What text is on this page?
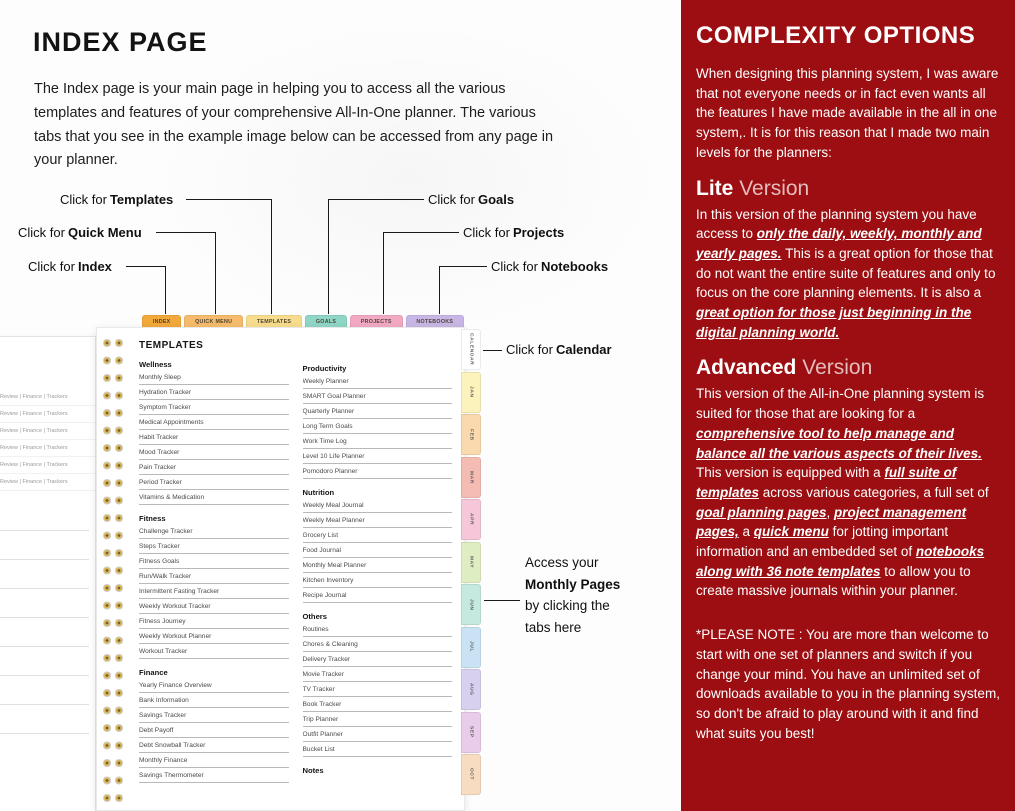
INDEX PAGE

The Index page is your main page in helping you to access all the various templates and features of your comprehensive All-In-One planner. The various tabs that you see in the example image below can be accessed from any page in your planner.

Click for Templates
Click for Quick Menu
Click for Index
Click for Goals
Click for Projects
Click for Notebooks
Click for Calendar
Access your
Monthly Pages
by clicking the
tabs here
Review | Finance | Trackers
Review | Finance | Trackers
Review | Finance | Trackers
Review | Finance | Trackers
Review | Finance | Trackers
Review | Finance | Trackers
INDEX	QUICK MENU	TEMPLATES	GOALS	PROJECTS	NOTEBOOKS
TEMPLATES
Wellness
Monthly Sleep
Hydration Tracker
Symptom Tracker
Medical Appointments
Habit Tracker
Mood Tracker
Pain Tracker
Period Tracker
Vitamins & Medication
Fitness
Challenge Tracker
Steps Tracker
Fitness Goals
Run/Walk Tracker
Intermittent Fasting Tracker
Weekly Workout Tracker
Fitness Journey
Weekly Workout Planner
Workout Tracker
Finance
Yearly Finance Overview
Bank Information
Savings Tracker
Debt Payoff
Debt Snowball Tracker
Monthly Finance
Savings Thermometer
Productivity
Weekly Planner
SMART Goal Planner
Quarterly Planner
Long Term Goals
Work Time Log
Level 10 Life Planner
Pomodoro Planner
Nutrition
Weekly Meal Journal
Weekly Meal Planner
Grocery List
Food Journal
Monthly Meal Planner
Kitchen Inventory
Recipe Journal
Others
Routines
Chores & Cleaning
Delivery Tracker
Movie Tracker
TV Tracker
Book Tracker
Trip Planner
Outfit Planner
Bucket List
Notes
CALENDAR
JAN
FEB
MAR
APR
MAY
JUN
JUL
AUG
SEP
OCT
COMPLEXITY OPTIONS

When designing this planning system, I was aware that not everyone needs or in fact even wants all the features I have made available in the all in one system,. It is for this reason that I made two main levels for the planners:

Lite Version

In this version of the planning system you have access to only the daily, weekly, monthly and yearly pages. This is a great option for those that do not want the entire suite of features and only to focus on the core planning elements. It is also a great option for those just beginning in the digital planning world.

Advanced Version

This version of the All-in-One planning system is suited for those that are looking for a comprehensive tool to help manage and balance all the various aspects of their lives. This version is equipped with a full suite of templates across various categories, a full set of goal planning pages, project management pages, a quick menu for jotting important information and an embedded set of notebooks along with 36 note templates to allow you to create massive journals within your planner.

*PLEASE NOTE : You are more than welcome to start with one set of planners and switch if you change your mind. You have an unlimited set of downloads available to you in the planning system, so don't be afraid to play around with it and find what suits you best!
